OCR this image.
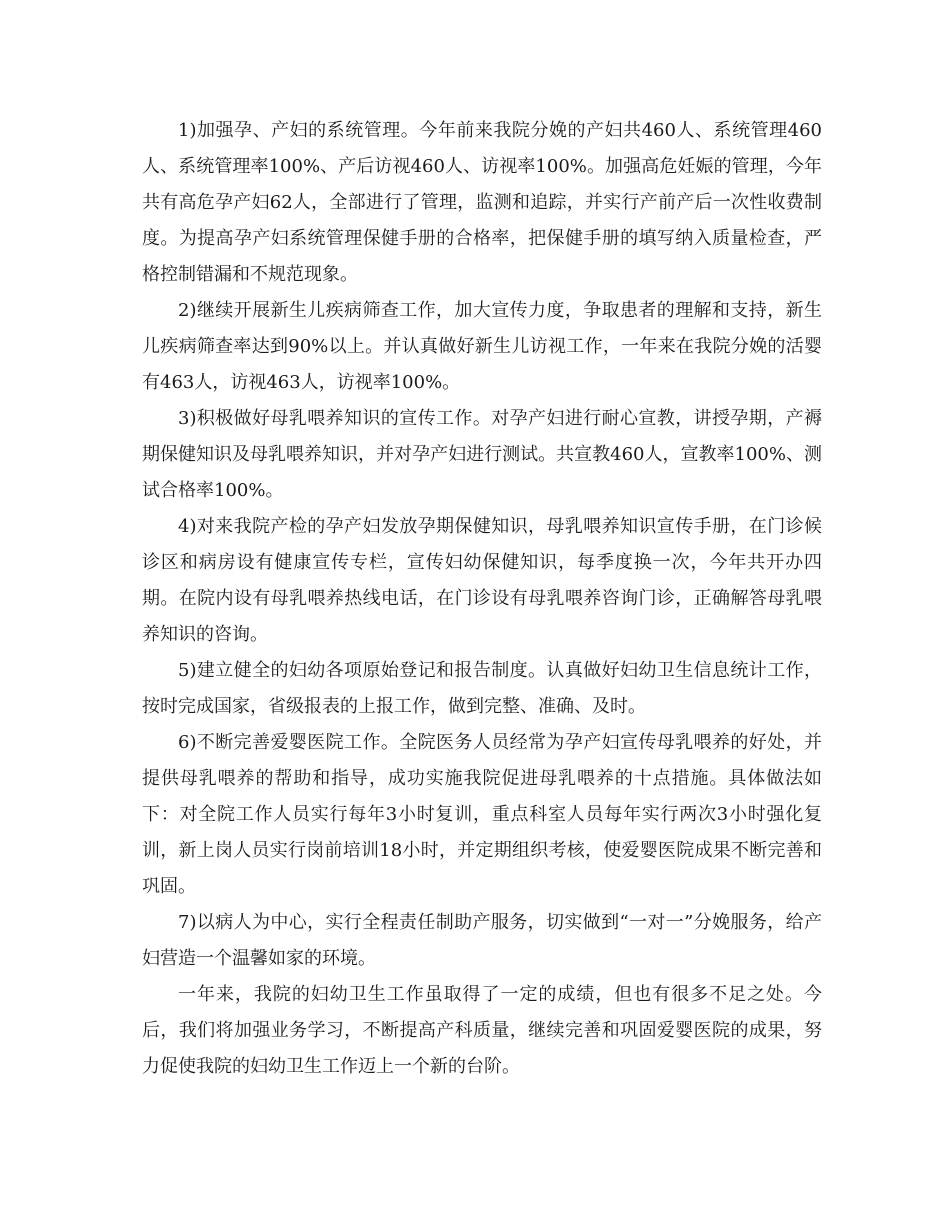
1)加强孕、产妇的系统管理。今年前来我院分娩的产妇共460人、系统管理460人、系统管理率100%、产后访视460人、访视率100%。加强高危妊娠的管理，今年共有高危孕产妇62人，全部进行了管理，监测和追踪，并实行产前产后一次性收费制度。为提高孕产妇系统管理保健手册的合格率，把保健手册的填写纳入质量检查，严格控制错漏和不规范现象。

2)继续开展新生儿疾病筛查工作，加大宣传力度，争取患者的理解和支持，新生儿疾病筛查率达到90%以上。并认真做好新生儿访视工作，一年来在我院分娩的活婴有463人，访视463人，访视率100%。

3)积极做好母乳喂养知识的宣传工作。对孕产妇进行耐心宣教，讲授孕期，产褥期保健知识及母乳喂养知识，并对孕产妇进行测试。共宣教460人，宣教率100%、测试合格率100%。

4)对来我院产检的孕产妇发放孕期保健知识，母乳喂养知识宣传手册，在门诊候诊区和病房设有健康宣传专栏，宣传妇幼保健知识，每季度换一次，今年共开办四期。在院内设有母乳喂养热线电话，在门诊设有母乳喂养咨询门诊，正确解答母乳喂养知识的咨询。

5)建立健全的妇幼各项原始登记和报告制度。认真做好妇幼卫生信息统计工作，按时完成国家，省级报表的上报工作，做到完整、准确、及时。

6)不断完善爱婴医院工作。全院医务人员经常为孕产妇宣传母乳喂养的好处，并提供母乳喂养的帮助和指导，成功实施我院促进母乳喂养的十点措施。具体做法如下：对全院工作人员实行每年3小时复训，重点科室人员每年实行两次3小时强化复训，新上岗人员实行岗前培训18小时，并定期组织考核，使爱婴医院成果不断完善和巩固。

7)以病人为中心，实行全程责任制助产服务，切实做到“一对一”分娩服务，给产妇营造一个温馨如家的环境。

一年来，我院的妇幼卫生工作虽取得了一定的成绩，但也有很多不足之处。今后，我们将加强业务学习，不断提高产科质量，继续完善和巩固爱婴医院的成果，努力促使我院的妇幼卫生工作迈上一个新的台阶。
